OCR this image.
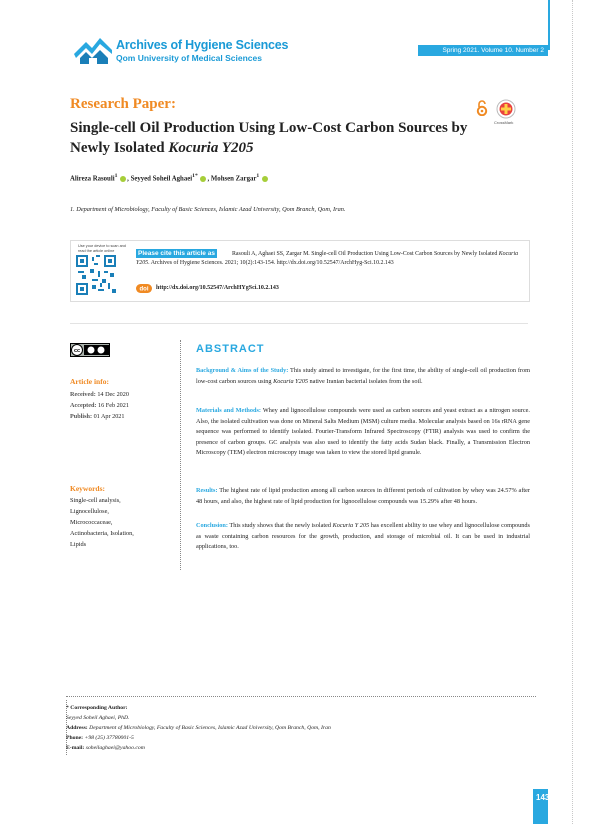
Archives of Hygiene Sciences
Qom University of Medical Sciences
Spring 2021. Volume 10. Number 2
Research Paper:
Single-cell Oil Production Using Low-Cost Carbon Sources by Newly Isolated Kocuria Y205
CrossMark
Alireza Rasouli$^1$ , Seyyed Soheil Aghaei$^{1*}$ , Mohsen Zargar$^1$
1. Department of Microbiology, Faculty of Basic Sciences, Islamic Azad University, Qom Branch, Qom, Iran.
Use your device to scan and read the article online	Rasouli A, Aghaei SS, Zargar M. Single-cell Oil Production Using Low-Cost Carbon Sources by Newly Isolated Kocuria Y205. Archives of Hygiene Sciences. 2021; 10(2):143-154. http://dx.doi.org/10.52547/ArchHyg-Sci.10.2.143
Please cite this article as
doi http://dx.doi.org/10.52547/ArchHYgSci.10.2.143
cc
Article info:
Received: 14 Dec 2020
Accepted: 16 Feb 2021
Publish: 01 Apr 2021
Keywords:
Single-cell analysis,
Lignocellulose,
Micrococcaceae,
Actinobacteria, Isolation,
Lipids
ABSTRACT
Background & Aims of the Study: This study aimed to investigate, for the first time, the ability of single-cell oil production from low-cost carbon sources using Kocuria Y205 native Iranian bacterial isolates from the soil.
Materials and Methods: Whey and lignocellulose compounds were used as carbon sources and yeast extract as a nitrogen source. Also, the isolated cultivation was done on Mineral Salts Medium (MSM) culture media. Molecular analysis based on 16s rRNA gene sequence was performed to identify isolated. Fourier-Transform Infrared Spectroscopy (FTIR) analysis was used to confirm the presence of carbon groups. GC analysis was also used to identify the fatty acids Sudan black. Finally, a Transmission Electron Microscopy (TEM) electron microscopy image was taken to view the stored lipid granule.
Results: The highest rate of lipid production among all carbon sources in different periods of cultivation by whey was 24.57% after 48 hours, and also, the highest rate of lipid production for lignocellulose compounds was 15.29% after 48 hours.
Conclusion: This study shows that the newly isolated Kocuria Y 205 has excellent ability to use whey and lignocellulose compounds as waste containing carbon resources for the growth, production, and storage of microbial oil. It can be used in industrial applications, too.
* Corresponding Author:
Seyyed Soheil Aghaei, PhD.
Address: Department of Microbiology, Faculty of Basic Sciences, Islamic Azad University, Qom Branch, Qom, Iran
Phone: +98 (25) 37780001-5
E-mail: soheilaghaei@yahoo.com
143
